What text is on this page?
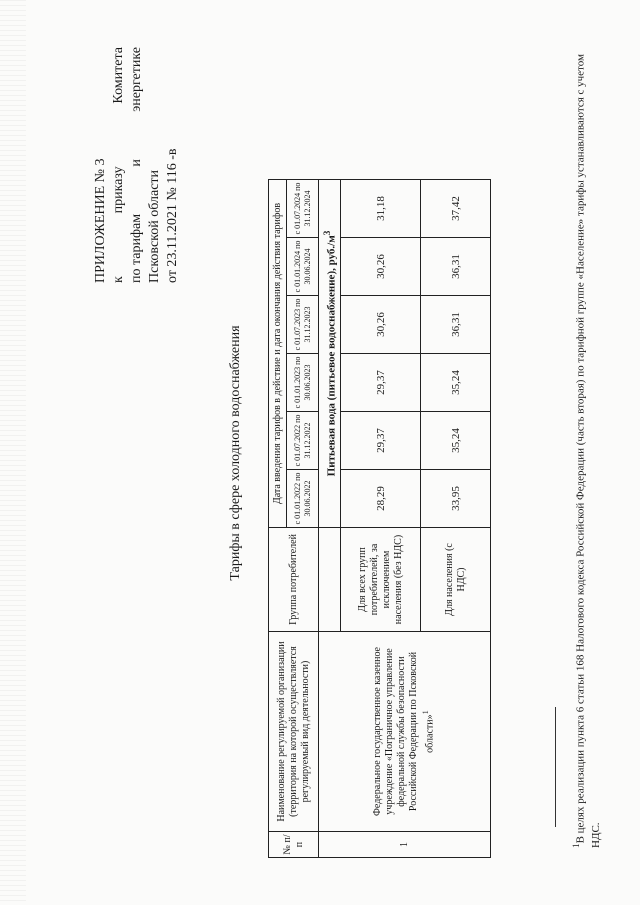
ПРИЛОЖЕНИЕ № 3 к
приказу
Комитета
по тарифам
и
энергетике
Псковской области от 23.11.2021 № 116 -в
Тарифы в сфере холодного водоснабжения
№ п/п	Наименование регулируемой организации (территория на которой осуществляется регулируемый вид деятельности)	Группа потребителей	Дата введения тарифов в действие и дата окончания действия тарифов					
			с 01.01.2022 по 30.06.2022	с 01.07.2022 по 31.12.2022	с 01.01.2023 по 30.06.2023	с 01.07.2023 по 31.12.2023	с 01.01.2024 по 30.06.2024	с 01.07.2024 по 31.12.2024
1	Федеральное государственное казенное учреждение «Пограничное управление федеральной службы безопасности Российской Федерации по Псковской области»$^1$		Питьевая вода (питьевое водоснабжение), $руб./м^3$
		Для всех групп потребителей, за исключением населения (без НДС)	28,29	29,37	29,37	30,26	30,26	31,18
		Для населения (с НДС)	33,95	35,24	35,24	36,31	36,31	37,42
$^1$В целях реализации пункта 6 статьи 168 Налогового кодекса Российской Федерации (часть вторая) по тарифной группе «Население» тарифы устанавливаются с учетом НДС.
